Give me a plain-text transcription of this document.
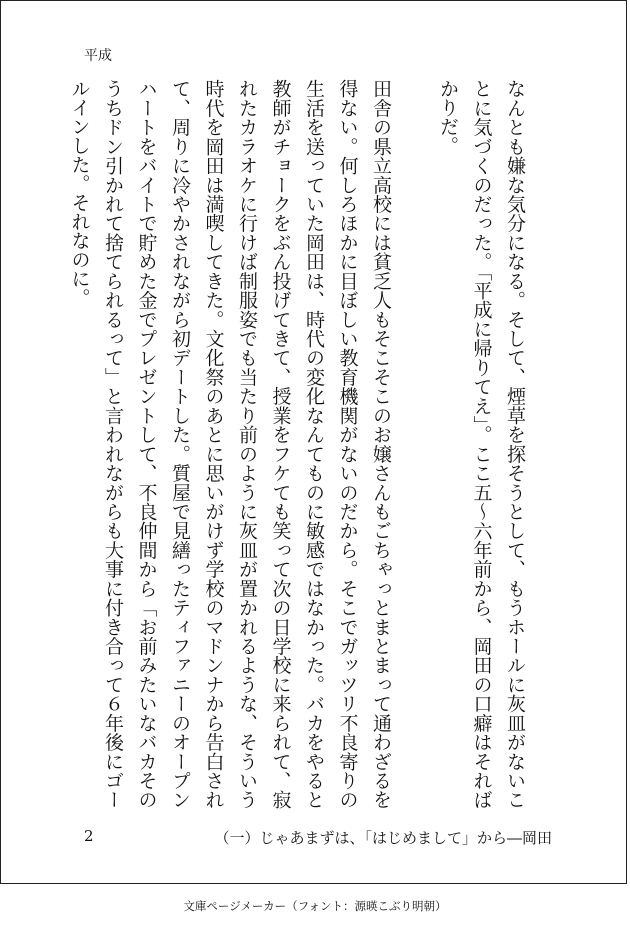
平成

なんとも嫌な気分になる。そして、煙草を探そうとして、もうホールに灰皿がないことに気づくのだった。「平成に帰りてえ」。ここ五〜六年前から、岡田の口癖はそればかりだ。

田舎の県立高校には貧乏人もそこそこのお嬢さんもごちゃっとまとまって通わざるを得ない。何しろほかに目ぼしい教育機関がないのだから。そこでガッツリ不良寄りの生活を送っていた岡田は、時代の変化なんてものに敏感ではなかった。バカをやると教師がチョークをぶん投げてきて、授業をフケても笑って次の日学校に来られて、寂れたカラオケに行けば制服姿でも当たり前のように灰皿が置かれるような、そういう時代を岡田は満喫してきた。文化祭のあとに思いがけず学校のマドンナから告白されて、周りに冷やかされながら初デートした。質屋で見繕ったティファニーのオープンハートをバイトで貯めた金でプレゼントして、不良仲間から「お前みたいなバカそのうちドン引かれて捨てられるって」と言われながらも大事に付き合って６年後にゴールインした。それなのに。

2	（一）じゃあまずは、「はじめまして」から―岡田
文庫ページメーカー（フォント：源暎こぶり明朝）
